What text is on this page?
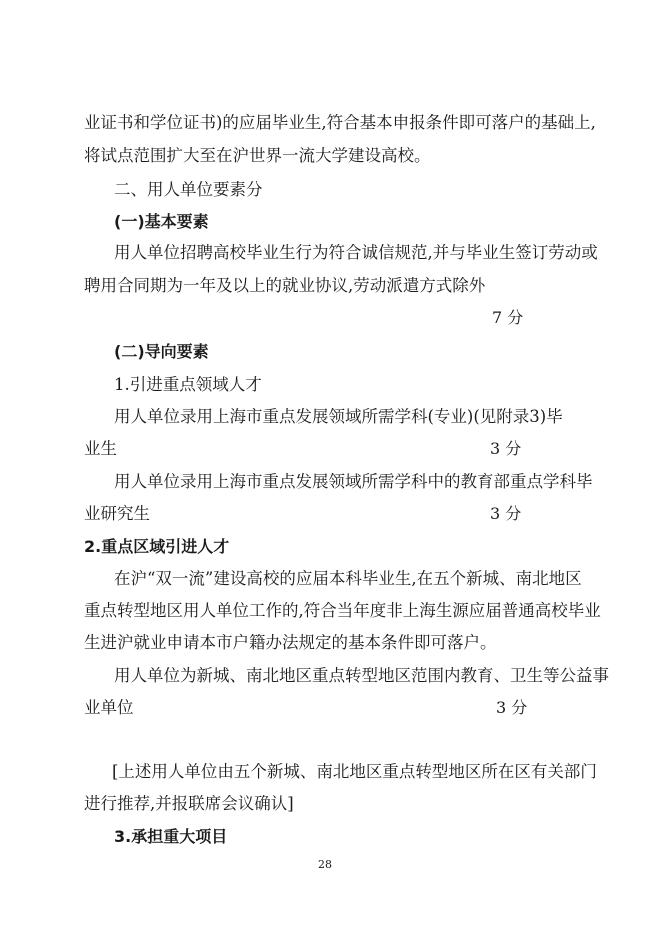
业证书和学位证书)的应届毕业生,符合基本申报条件即可落户的基础上,
将试点范围扩大至在沪世界一流大学建设高校。
二、用人单位要素分
(一)基本要素
用人单位招聘高校毕业生行为符合诚信规范,并与毕业生签订劳动或
聘用合同期为一年及以上的就业协议,劳动派遣方式除外
7 分
(二)导向要素
1.引进重点领域人才
用人单位录用上海市重点发展领域所需学科(专业)(见附录3)毕
业生	3 分
用人单位录用上海市重点发展领域所需学科中的教育部重点学科毕
业研究生	3 分
2.重点区域引进人才
在沪“双一流”建设高校的应届本科毕业生,在五个新城、南北地区
重点转型地区用人单位工作的,符合当年度非上海生源应届普通高校毕业
生进沪就业申请本市户籍办法规定的基本条件即可落户。
用人单位为新城、南北地区重点转型地区范围内教育、卫生等公益事
业单位	3 分
[上述用人单位由五个新城、南北地区重点转型地区所在区有关部门
进行推荐,并报联席会议确认]
3.承担重大项目
28
